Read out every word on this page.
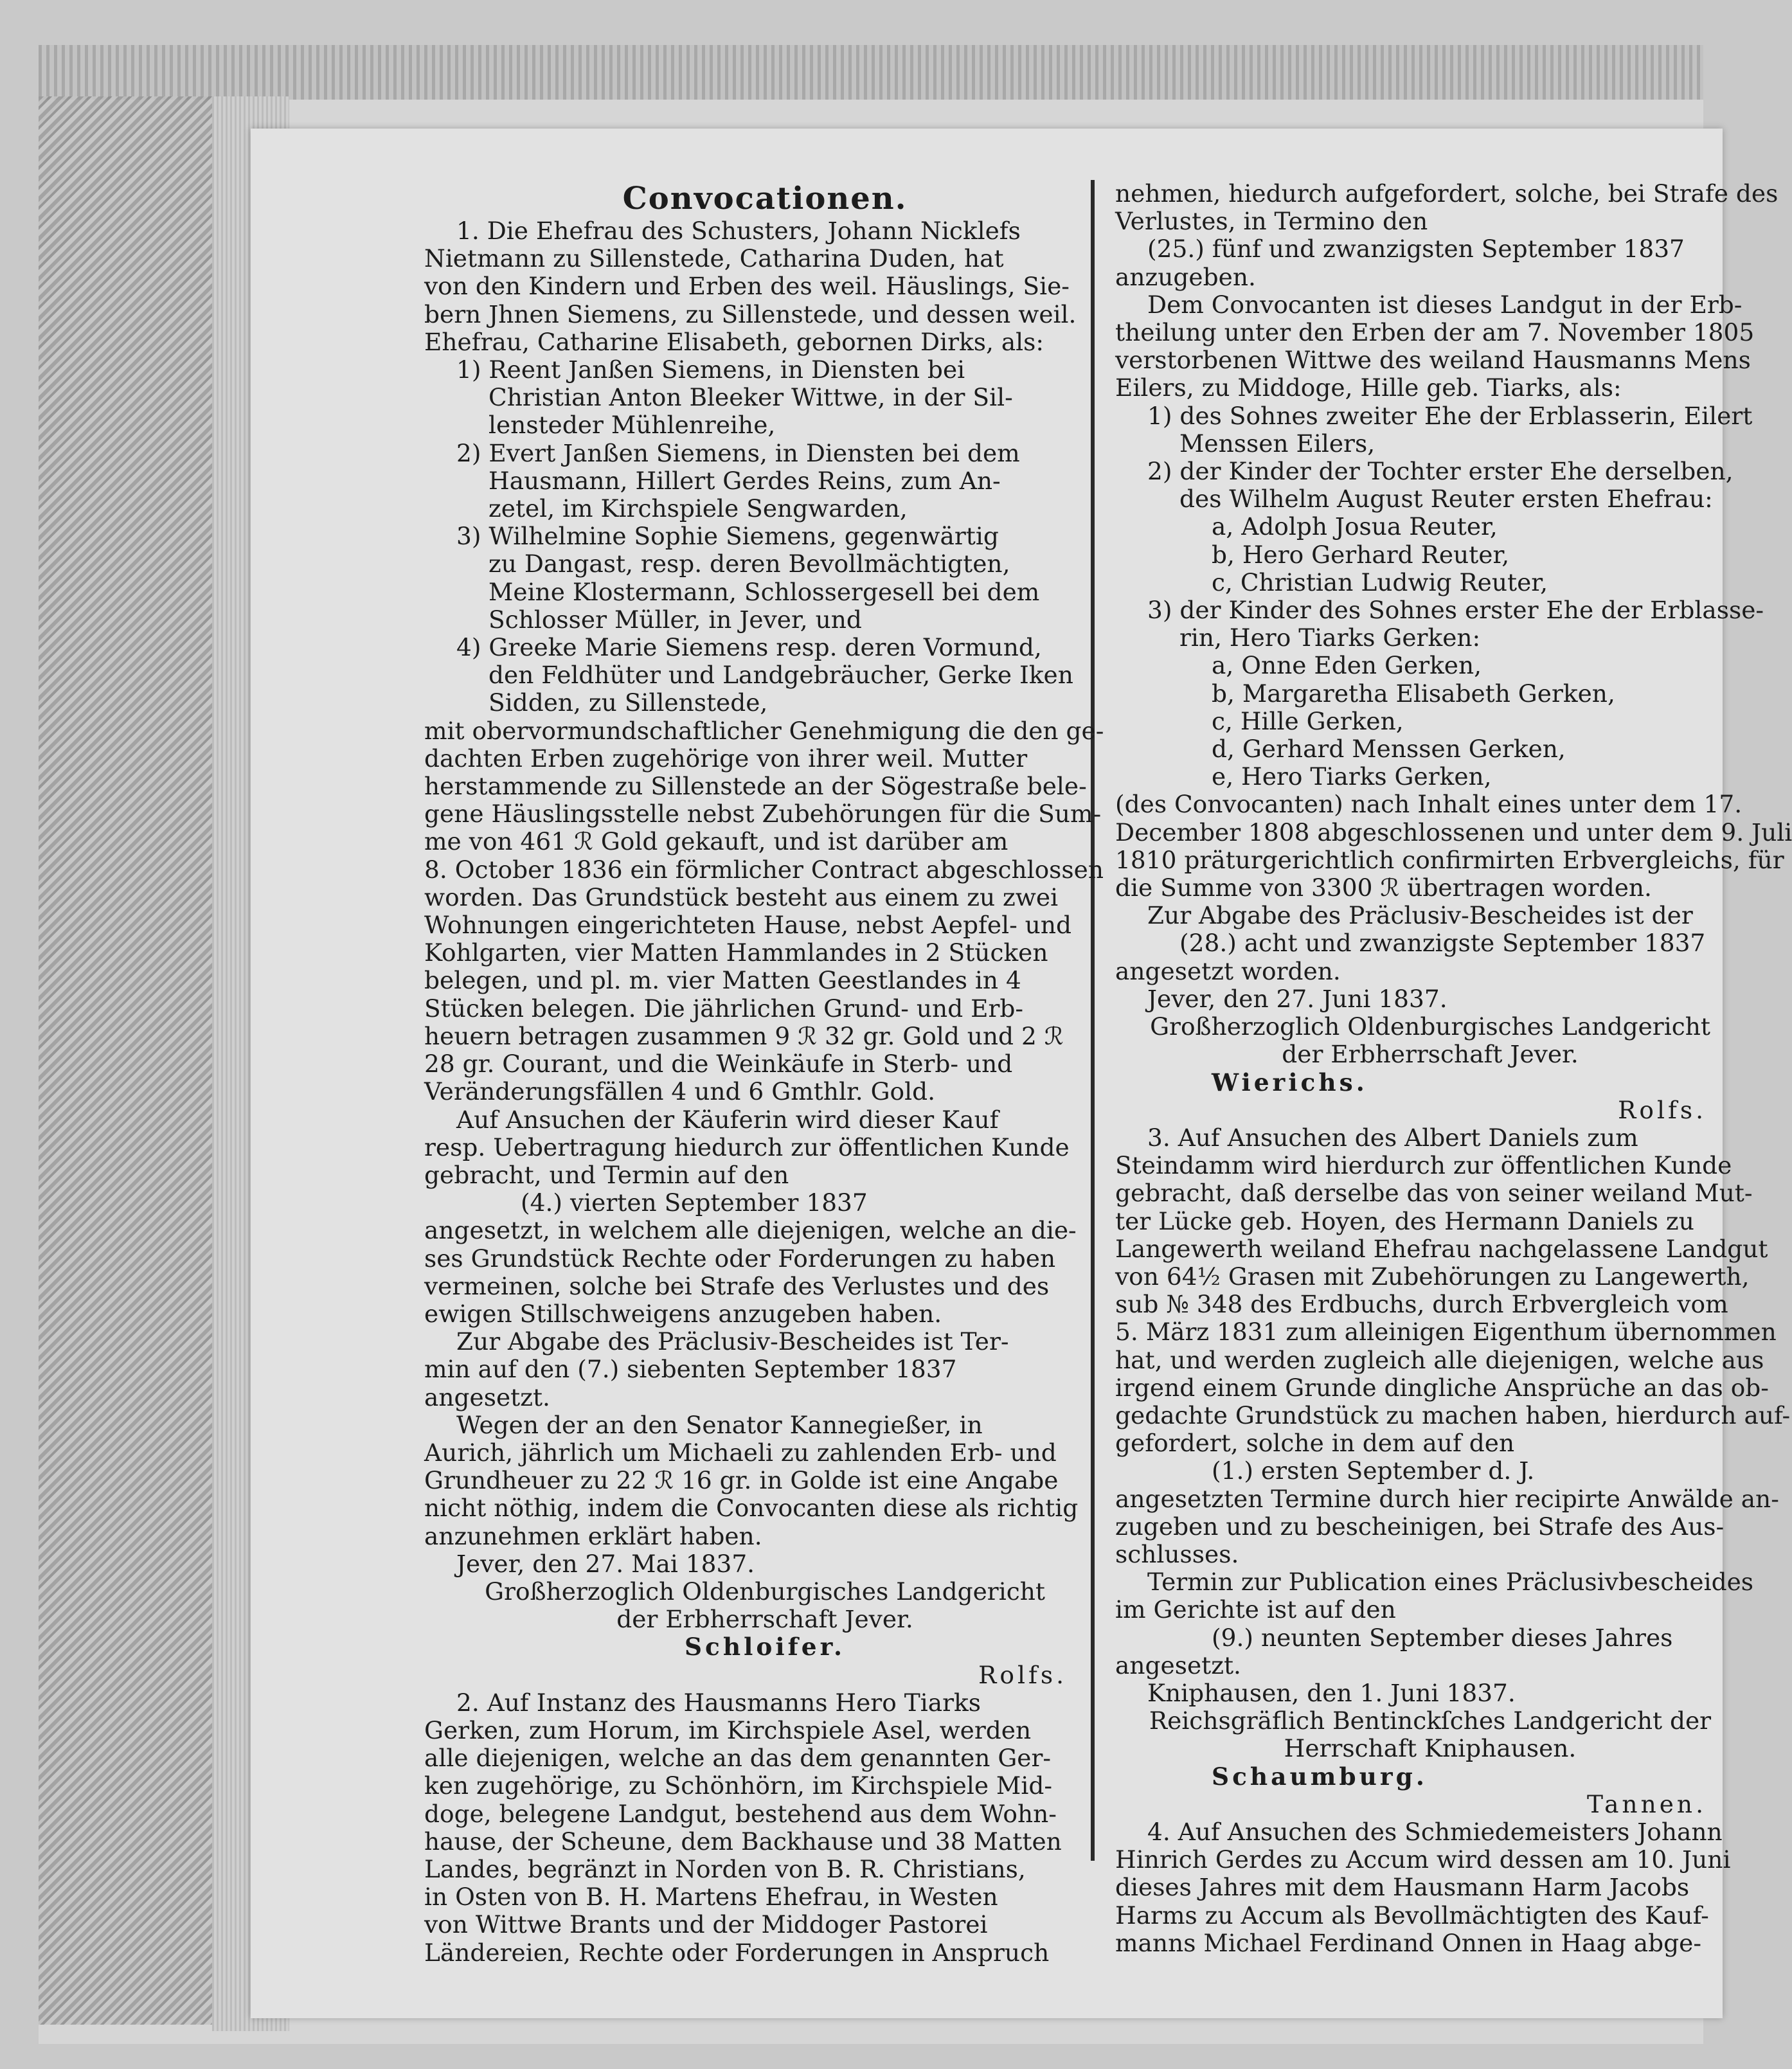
Convocationen.
1. Die Ehefrau des Schusters, Johann Nicklefs
Nietmann zu Sillenstede, Catharina Duden, hat
von den Kindern und Erben des weil. Häuslings, Sie-
bern Jhnen Siemens, zu Sillenstede, und dessen weil.
Ehefrau, Catharine Elisabeth, gebornen Dirks, als:
1) Reent Janßen Siemens, in Diensten bei
Christian Anton Bleeker Wittwe, in der Sil-
lensteder Mühlenreihe,
2) Evert Janßen Siemens, in Diensten bei dem
Hausmann, Hillert Gerdes Reins, zum An-
zetel, im Kirchspiele Sengwarden,
3) Wilhelmine Sophie Siemens, gegenwärtig
zu Dangast, resp. deren Bevollmächtigten,
Meine Klostermann, Schlossergesell bei dem
Schlosser Müller, in Jever, und
4) Greeke Marie Siemens resp. deren Vormund,
den Feldhüter und Landgebräucher, Gerke Iken
Sidden, zu Sillenstede,
mit obervormundschaftlicher Genehmigung die den ge-
dachten Erben zugehörige von ihrer weil. Mutter
herstammende zu Sillenstede an der Sögestraße bele-
gene Häuslingsstelle nebst Zubehörungen für die Sum-
me von 461 ℛ Gold gekauft, und ist darüber am
8. October 1836 ein förmlicher Contract abgeschlossen
worden. Das Grundstück besteht aus einem zu zwei
Wohnungen eingerichteten Hause, nebst Aepfel- und
Kohlgarten, vier Matten Hammlandes in 2 Stücken
belegen, und pl. m. vier Matten Geestlandes in 4
Stücken belegen. Die jährlichen Grund- und Erb-
heuern betragen zusammen 9 ℛ 32 gr. Gold und 2 ℛ
28 gr. Courant, und die Weinkäufe in Sterb- und
Veränderungsfällen 4 und 6 Gmthlr. Gold.
Auf Ansuchen der Käuferin wird dieser Kauf
resp. Uebertragung hiedurch zur öffentlichen Kunde
gebracht, und Termin auf den
(4.) vierten September 1837
angesetzt, in welchem alle diejenigen, welche an die-
ses Grundstück Rechte oder Forderungen zu haben
vermeinen, solche bei Strafe des Verlustes und des
ewigen Stillschweigens anzugeben haben.
Zur Abgabe des Präclusiv-Bescheides ist Ter-
min auf den (7.) siebenten September 1837
angesetzt.
Wegen der an den Senator Kannegießer, in
Aurich, jährlich um Michaeli zu zahlenden Erb- und
Grundheuer zu 22 ℛ 16 gr. in Golde ist eine Angabe
nicht nöthig, indem die Convocanten diese als richtig
anzunehmen erklärt haben.
Jever, den 27. Mai 1837.
Großherzoglich Oldenburgisches Landgericht
der Erbherrschaft Jever.
Schloifer.
Rolfs.
2. Auf Instanz des Hausmanns Hero Tiarks
Gerken, zum Horum, im Kirchspiele Asel, werden
alle diejenigen, welche an das dem genannten Ger-
ken zugehörige, zu Schönhörn, im Kirchspiele Mid-
doge, belegene Landgut, bestehend aus dem Wohn-
hause, der Scheune, dem Backhause und 38 Matten
Landes, begränzt in Norden von B. R. Christians,
in Osten von B. H. Martens Ehefrau, in Westen
von Wittwe Brants und der Middoger Pastorei
Ländereien, Rechte oder Forderungen in Anspruch
nehmen, hiedurch aufgefordert, solche, bei Strafe des
Verlustes, in Termino den
(25.) fünf und zwanzigsten September 1837
anzugeben.
Dem Convocanten ist dieses Landgut in der Erb-
theilung unter den Erben der am 7. November 1805
verstorbenen Wittwe des weiland Hausmanns Mens
Eilers, zu Middoge, Hille geb. Tiarks, als:
1) des Sohnes zweiter Ehe der Erblasserin, Eilert
Menssen Eilers,
2) der Kinder der Tochter erster Ehe derselben,
des Wilhelm August Reuter ersten Ehefrau:
a, Adolph Josua Reuter,
b, Hero Gerhard Reuter,
c, Christian Ludwig Reuter,
3) der Kinder des Sohnes erster Ehe der Erblasse-
rin, Hero Tiarks Gerken:
a, Onne Eden Gerken,
b, Margaretha Elisabeth Gerken,
c, Hille Gerken,
d, Gerhard Menssen Gerken,
e, Hero Tiarks Gerken,
(des Convocanten) nach Inhalt eines unter dem 17.
December 1808 abgeschlossenen und unter dem 9. Juli
1810 präturgerichtlich confirmirten Erbvergleichs, für
die Summe von 3300 ℛ übertragen worden.
Zur Abgabe des Präclusiv-Bescheides ist der
(28.) acht und zwanzigste September 1837
angesetzt worden.
Jever, den 27. Juni 1837.
Großherzoglich Oldenburgisches Landgericht
der Erbherrschaft Jever.
Wierichs.
Rolfs.
3. Auf Ansuchen des Albert Daniels zum
Steindamm wird hierdurch zur öffentlichen Kunde
gebracht, daß derselbe das von seiner weiland Mut-
ter Lücke geb. Hoyen, des Hermann Daniels zu
Langewerth weiland Ehefrau nachgelassene Landgut
von 64½ Grasen mit Zubehörungen zu Langewerth,
sub № 348 des Erdbuchs, durch Erbvergleich vom
5. März 1831 zum alleinigen Eigenthum übernommen
hat, und werden zugleich alle diejenigen, welche aus
irgend einem Grunde dingliche Ansprüche an das ob-
gedachte Grundstück zu machen haben, hierdurch auf-
gefordert, solche in dem auf den
(1.) ersten September d. J.
angesetzten Termine durch hier recipirte Anwälde an-
zugeben und zu bescheinigen, bei Strafe des Aus-
schlusses.
Termin zur Publication eines Präclusivbescheides
im Gerichte ist auf den
(9.) neunten September dieses Jahres
angesetzt.
Kniphausen, den 1. Juni 1837.
Reichsgräflich Bentinckſches Landgericht der
Herrschaft Kniphausen.
Schaumburg.
Tannen.
4. Auf Ansuchen des Schmiedemeisters Johann
Hinrich Gerdes zu Accum wird dessen am 10. Juni
dieses Jahres mit dem Hausmann Harm Jacobs
Harms zu Accum als Bevollmächtigten des Kauf-
manns Michael Ferdinand Onnen in Haag abge-
